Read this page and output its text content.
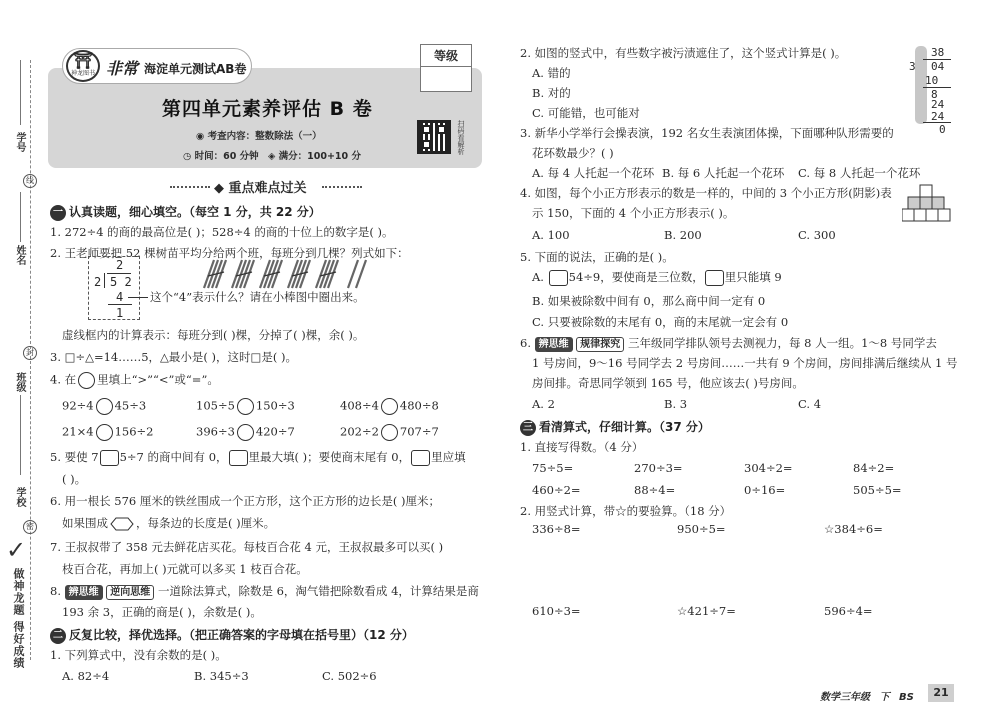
学号
线
姓名
封
班级
学校
密
✓
做神龙题 得好成绩
⛩
神龙图书 非常 海淀单元测试AB卷
等级
第四单元素养评估 B 卷
◉ 考查内容：整数除法（一）
◷ 时间：60 分钟 ◈ 满分：100+10 分
扫码看解析
◆ 重点难点过关
一 认真读题，细心填空。（每空 1 分，共 22 分）
1. 272÷4 的商的最高位是( )；528÷4 的商的十位上的数字是( )。
2. 王老师要把 52 棵树苗平均分给两个班，每班分到几棵？列式如下：
2
2 5 2
4
1
这个“4”表示什么？请在小棒图中圈出来。
虚线框内的计算表示：每班分到( )棵，分掉了( )棵，余( )。
3. □÷△=14……5，△最小是( )，这时□是( )。
4. 在 里填上“>”“<”或“=”。
92÷4 45÷3	105÷5 150÷3	408÷4 480÷8
21×4 156÷2	396÷3 420÷7	202÷2 707÷7
5. 要使 7 5÷7 的商中间有 0， 里最大填( )；要使商末尾有 0， 里应填
( )。
6. 用一根长 576 厘米的铁丝围成一个正方形，这个正方形的边长是( )厘米；
如果围成 ，每条边的长度是( )厘米。
7. 王叔叔带了 358 元去鲜花店买花。每枝百合花 4 元，王叔叔最多可以买( )
枝百合花，再加上( )元就可以多买 1 枝百合花。
8. 辨思维 逆向思维 一道除法算式，除数是 6，淘气错把除数看成 4，计算结果是商
193 余 3，正确的商是( )，余数是( )。
二 反复比较，择优选择。（把正确答案的字母填在括号里）（12 分）
1. 下列算式中，没有余数的是( )。
A. 82÷4	B. 345÷3	C. 502÷6
2. 如图的竖式中，有些数字被污渍遮住了，这个竖式计算是( )。
A. 错的
B. 对的
C. 可能错，也可能对
38
3 04
10
8
24
24
0
3. 新华小学举行会操表演，192 名女生表演团体操，下面哪种队形需要的
花环数最少？( )
A. 每 4 人托起一个花环 B. 每 6 人托起一个花环 C. 每 8 人托起一个花环
4. 如图，每个小正方形表示的数是一样的，中间的 3 个小正方形(阴影)表
示 150，下面的 4 个小正方形表示( )。
A. 100	B. 200	C. 300
5. 下面的说法，正确的是( )。
A. 54÷9，要使商是三位数， 里只能填 9
B. 如果被除数中间有 0，那么商中间一定有 0
C. 只要被除数的末尾有 0，商的末尾就一定会有 0
6. 辨思维 规律探究 三年级同学排队领号去测视力，每 8 人一组。1～8 号同学去
1 号房间，9～16 号同学去 2 号房间……一共有 9 个房间，房间排满后继续从 1 号
房间排。奇思同学领到 165 号，他应该去( )号房间。
A. 2	B. 3	C. 4
三 看清算式，仔细计算。（37 分）
1. 直接写得数。（4 分）
75÷5=	270÷3=	304÷2=	84÷2=
460÷2=	88÷4=	0÷16=	505÷5=
2. 用竖式计算，带☆的要验算。（18 分）
336÷8=	950÷5=	☆384÷6=
610÷3=	☆421÷7=	596÷4=
数学三年级 下 BS	21
